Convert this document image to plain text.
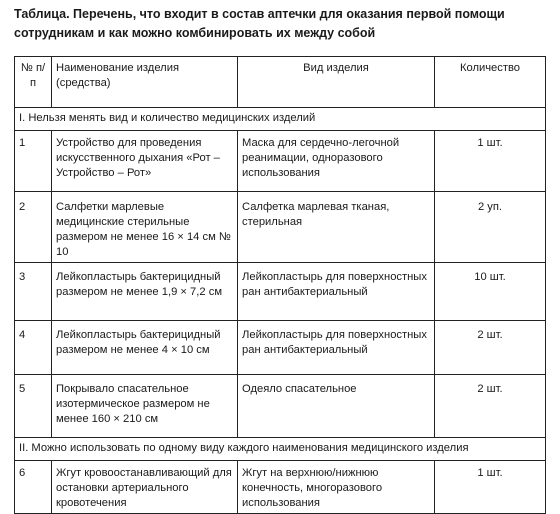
Таблица. Перечень, что входит в состав аптечки для оказания первой помощи сотрудникам и как можно комбинировать их между собой
№ п/п	Наименование изделия (средства)	Вид изделия	Количество
I. Нельзя менять вид и количество медицинских изделий			
1	Устройство для проведения искусственного дыхания «Рот – Устройство – Рот»	Маска для сердечно-легочной реанимации, одноразового использования	1 шт.
2	Салфетки марлевые медицинские стерильные размером не менее 16 × 14 см № 10	Салфетка марлевая тканая, стерильная	2 уп.
3	Лейкопластырь бактерицидный размером не менее 1,9 × 7,2 см	Лейкопластырь для поверхностных ран антибактериальный	10 шт.
4	Лейкопластырь бактерицидный размером не менее 4 × 10 см	Лейкопластырь для поверхностных ран антибактериальный	2 шт.
5	Покрывало спасательное изотермическое размером не менее 160 × 210 см	Одеяло спасательное	2 шт.
II. Можно использовать по одному виду каждого наименования медицинского изделия			
6	Жгут кровоостанавливающий для остановки артериального кровотечения	Жгут на верхнюю/нижнюю конечность, многоразового использования	1 шт.
